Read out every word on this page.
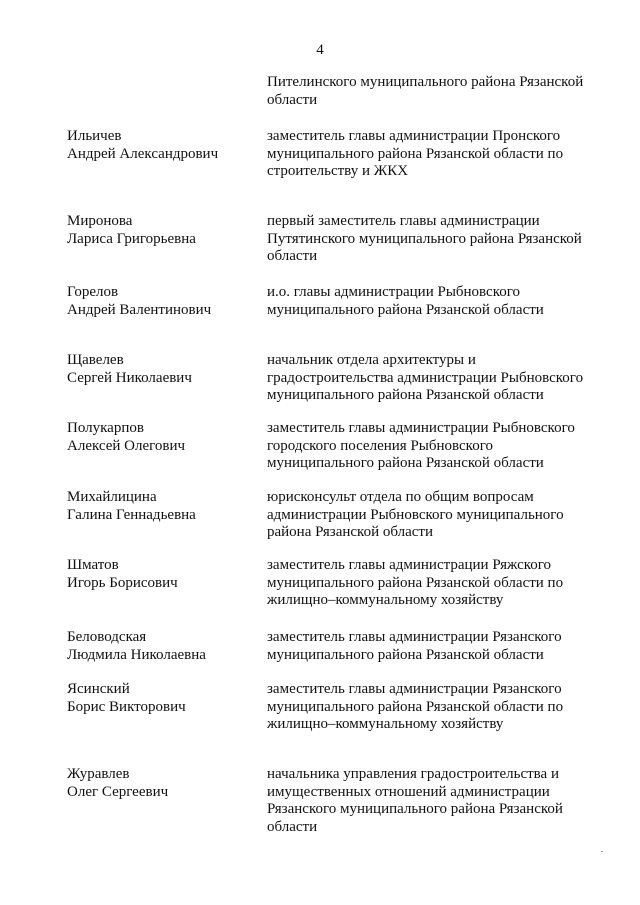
4
Пителинского муниципального района Рязанской
области
Ильичев
Андрей Александрович
заместитель главы администрации Пронского
муниципального района Рязанской области по
строительству и ЖКХ
Миронова
Лариса Григорьевна
первый заместитель главы администрации
Путятинского муниципального района Рязанской
области
Горелов
Андрей Валентинович
и.о. главы администрации Рыбновского
муниципального района Рязанской области
Щавелев
Сергей Николаевич
начальник отдела архитектуры и
градостроительства администрации Рыбновского
муниципального района Рязанской области
Полукарпов
Алексей Олегович
заместитель главы администрации Рыбновского
городского поселения Рыбновского
муниципального района Рязанской области
Михайлицина
Галина Геннадьевна
юрисконсульт отдела по общим вопросам
администрации Рыбновского муниципального
района Рязанской области
Шматов
Игорь Борисович
заместитель главы администрации Ряжского
муниципального района Рязанской области по
жилищно–коммунальному хозяйству
Беловодская
Людмила Николаевна
заместитель главы администрации Рязанского
муниципального района Рязанской области
Ясинский
Борис Викторович
заместитель главы администрации Рязанского
муниципального района Рязанской области по
жилищно–коммунальному хозяйству
Журавлев
Олег Сергеевич
начальника управления градостроительства и
имущественных отношений администрации
Рязанского муниципального района Рязанской
области
